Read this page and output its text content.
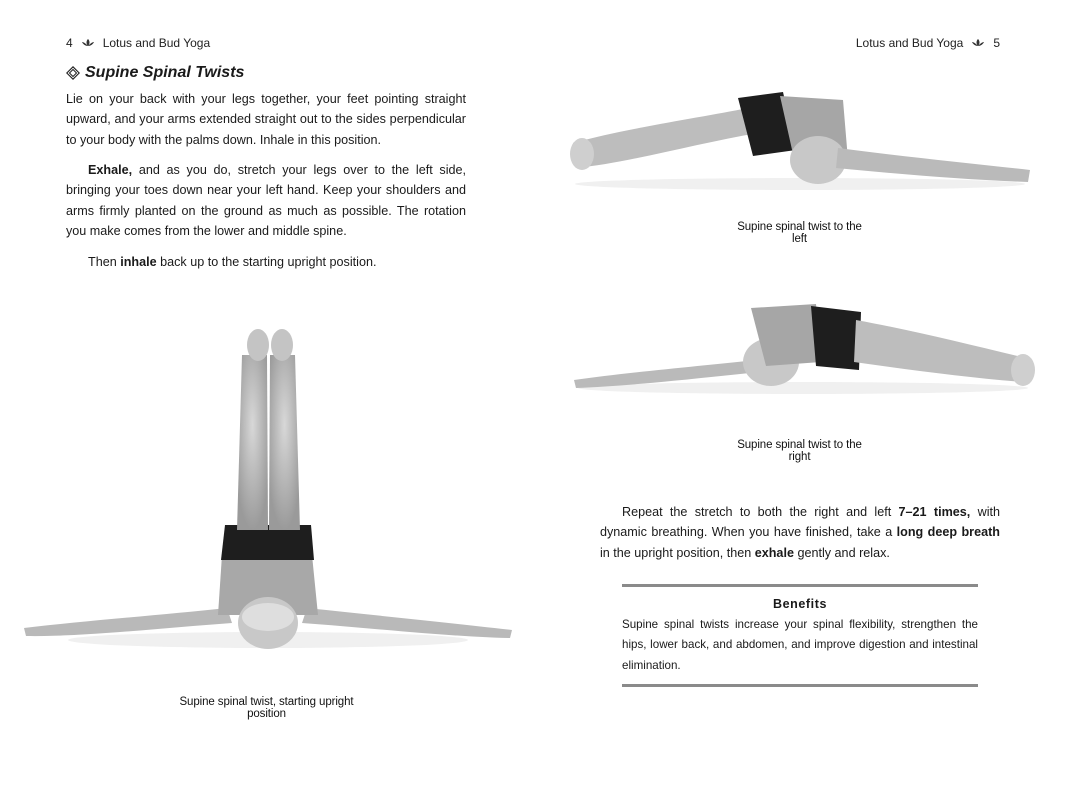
4	Lotus and Bud Yoga
Supine Spinal Twists

Lie on your back with your legs together, your feet pointing straight upward, and your arms extended straight out to the sides perpendicular to your body with the palms down. Inhale in this position.

Exhale, and as you do, stretch your legs over to the left side, bringing your toes down near your left hand. Keep your shoulders and arms firmly planted on the ground as much as possible. The rotation you make comes from the lower and middle spine.

Then inhale back up to the starting upright position.

Supine spinal twist, starting upright position
Lotus and Bud Yoga	5
Supine spinal twist to the left
Supine spinal twist to the right

Repeat the stretch to both the right and left 7–21 times, with dynamic breathing. When you have finished, take a long deep breath in the upright position, then exhale gently and relax.

Benefits
Supine spinal twists increase your spinal flexibility, strengthen the hips, lower back, and abdomen, and improve digestion and intestinal elimination.
